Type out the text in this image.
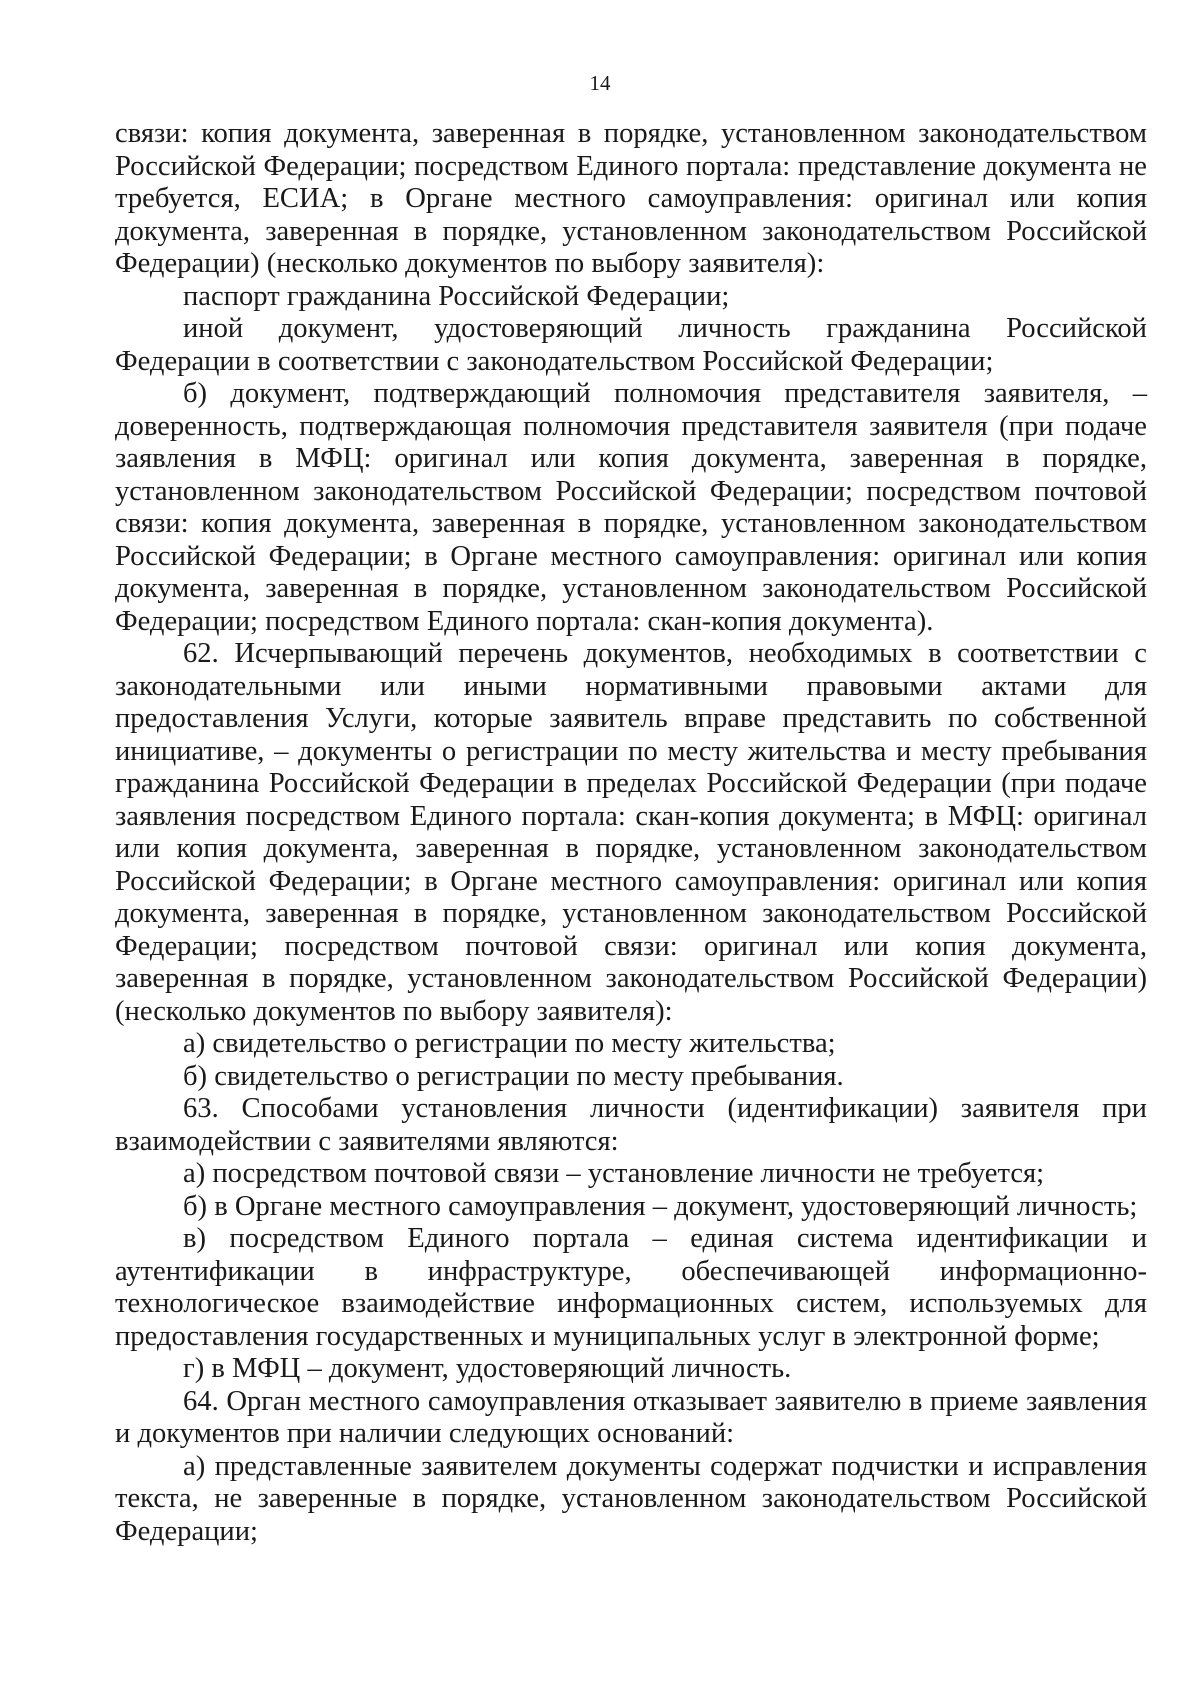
14

связи: копия документа, заверенная в порядке, установленном законодательством Российской Федерации; посредством Единого портала: представление документа не требуется, ЕСИА; в Органе местного самоуправления: оригинал или копия документа, заверенная в порядке, установленном законодательством Российской Федерации) (несколько документов по выбору заявителя):

паспорт гражданина Российской Федерации;

иной документ, удостоверяющий личность гражданина Российской Федерации в соответствии с законодательством Российской Федерации;

б) документ, подтверждающий полномочия представителя заявителя, – доверенность, подтверждающая полномочия представителя заявителя (при подаче заявления в МФЦ: оригинал или копия документа, заверенная в порядке, установленном законодательством Российской Федерации; посредством почтовой связи: копия документа, заверенная в порядке, установленном законодательством Российской Федерации; в Органе местного самоуправления: оригинал или копия документа, заверенная в порядке, установленном законодательством Российской Федерации; посредством Единого портала: скан-копия документа).

62. Исчерпывающий перечень документов, необходимых в соответствии с законодательными или иными нормативными правовыми актами для предоставления Услуги, которые заявитель вправе представить по собственной инициативе, – документы о регистрации по месту жительства и месту пребывания гражданина Российской Федерации в пределах Российской Федерации (при подаче заявления посредством Единого портала: скан-копия документа; в МФЦ: оригинал или копия документа, заверенная в порядке, установленном законодательством Российской Федерации; в Органе местного самоуправления: оригинал или копия документа, заверенная в порядке, установленном законодательством Российской Федерации; посредством почтовой связи: оригинал или копия документа, заверенная в порядке, установленном законодательством Российской Федерации) (несколько документов по выбору заявителя):

а) свидетельство о регистрации по месту жительства;

б) свидетельство о регистрации по месту пребывания.

63. Способами установления личности (идентификации) заявителя при взаимодействии с заявителями являются:

а) посредством почтовой связи – установление личности не требуется;

б) в Органе местного самоуправления – документ, удостоверяющий личность;

в) посредством Единого портала – единая система идентификации и аутентификации в инфраструктуре, обеспечивающей информационно-технологическое взаимодействие информационных систем, используемых для предоставления государственных и муниципальных услуг в электронной форме;

г) в МФЦ – документ, удостоверяющий личность.

64. Орган местного самоуправления отказывает заявителю в приеме заявления и документов при наличии следующих оснований:

а) представленные заявителем документы содержат подчистки и исправления текста, не заверенные в порядке, установленном законодательством Российской Федерации;
